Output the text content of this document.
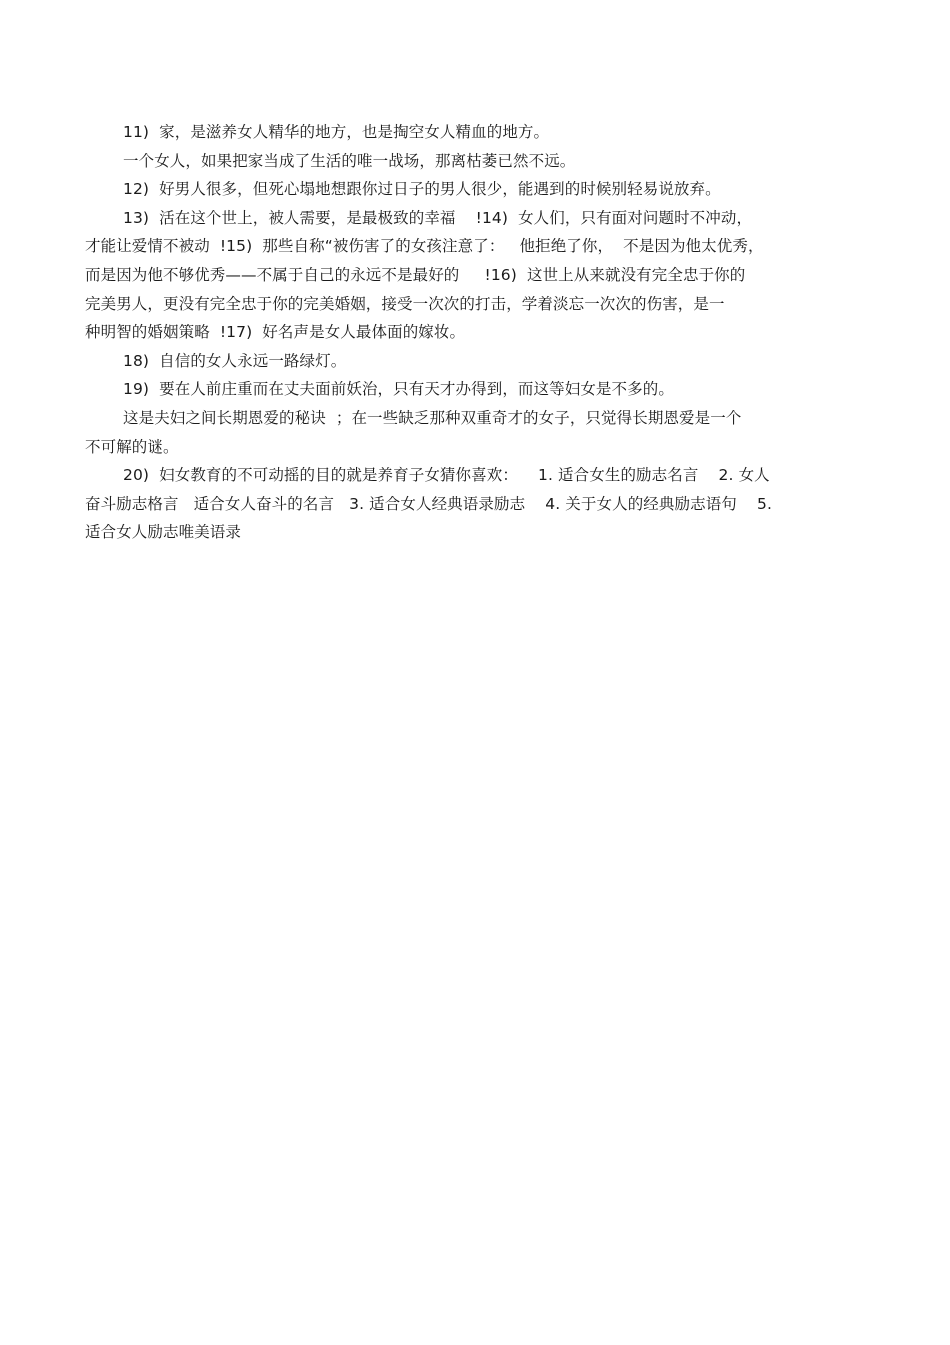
11)  家，是滋养女人精华的地方，也是掏空女人精血的地方。
一个女人，如果把家当成了生活的唯一战场，那离枯萎已然不远。
12)  好男人很多，但死心塌地想跟你过日子的男人很少，能遇到的时候别轻易说放弃。
13)  活在这个世上，被人需要，是最极致的幸福    !14)  女人们，只有面对问题时不冲动，
才能让爱情不被动  !15)  那些自称“被伤害了的女孩注意了：   他拒绝了你，  不是因为他太优秀，
而是因为他不够优秀——不属于自己的永远不是最好的     !16)  这世上从来就没有完全忠于你的
完美男人，更没有完全忠于你的完美婚姻，接受一次次的打击，学着淡忘一次次的伤害，是一
种明智的婚姻策略  !17)  好名声是女人最体面的嫁妆。
18)  自信的女人永远一路绿灯。
19)  要在人前庄重而在丈夫面前妖治，只有天才办得到，而这等妇女是不多的。
这是夫妇之间长期恩爱的秘诀  ；在一些缺乏那种双重奇才的女子，只觉得长期恩爱是一个
不可解的谜。
20)  妇女教育的不可动摇的目的就是养育子女猜你喜欢：    1. 适合女生的励志名言    2. 女人
奋斗励志格言   适合女人奋斗的名言   3. 适合女人经典语录励志    4. 关于女人的经典励志语句    5.
适合女人励志唯美语录
